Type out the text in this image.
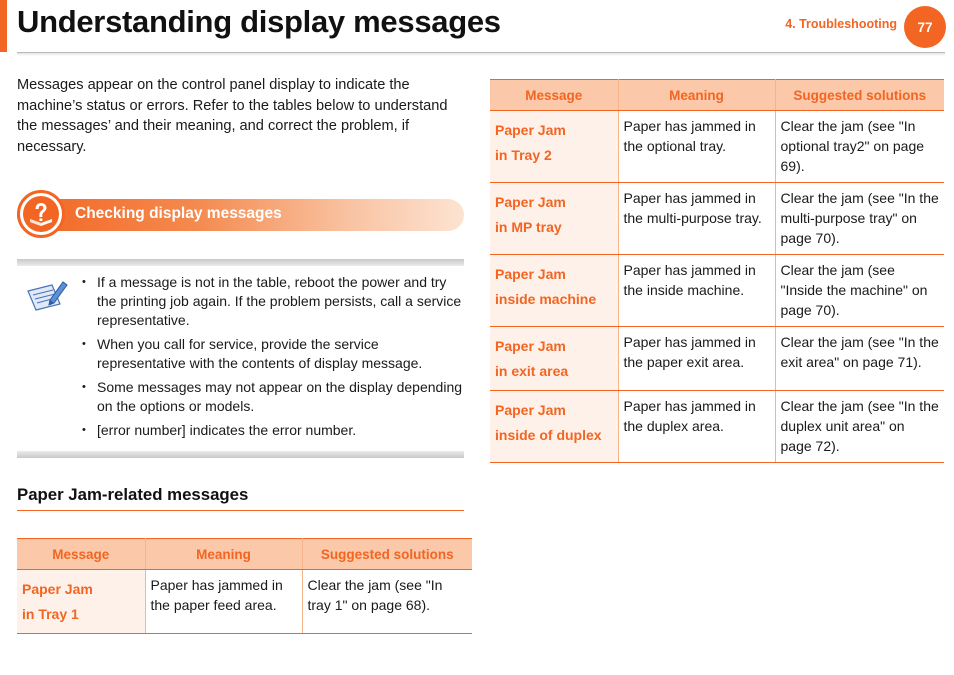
Understanding display messages	4. Troubleshooting	77

Messages appear on the control panel display to indicate the machine’s status or errors. Refer to the tables below to understand the messages’ and their meaning, and correct the problem, if necessary.

Checking display messages
• If a message is not in the table, reboot the power and try the printing job again. If the problem persists, call a service representative.
• When you call for service, provide the service representative with the contents of display message.
• Some messages may not appear on the display depending on the options or models.
• [error number] indicates the error number.
Paper Jam-related messages
Message	Meaning	Suggested solutions

Paper Jam
in Tray 1	Paper has jammed in the paper feed area.	Clear the jam (see "In tray 1" on page 68).
Message	Meaning	Suggested solutions

Paper Jam
in Tray 2	Paper has jammed in the optional tray.	Clear the jam (see "In optional tray2" on page 69).

Paper Jam
in MP tray	Paper has jammed in the multi-purpose tray.	Clear the jam (see "In the multi-purpose tray" on page 70).

Paper Jam
inside machine	Paper has jammed in the inside machine.	Clear the jam (see "Inside the machine" on page 70).

Paper Jam
in exit area	Paper has jammed in the paper exit area.	Clear the jam (see "In the exit area" on page 71).

Paper Jam
inside of duplex	Paper has jammed in the duplex area.	Clear the jam (see "In the duplex unit area" on page 72).
